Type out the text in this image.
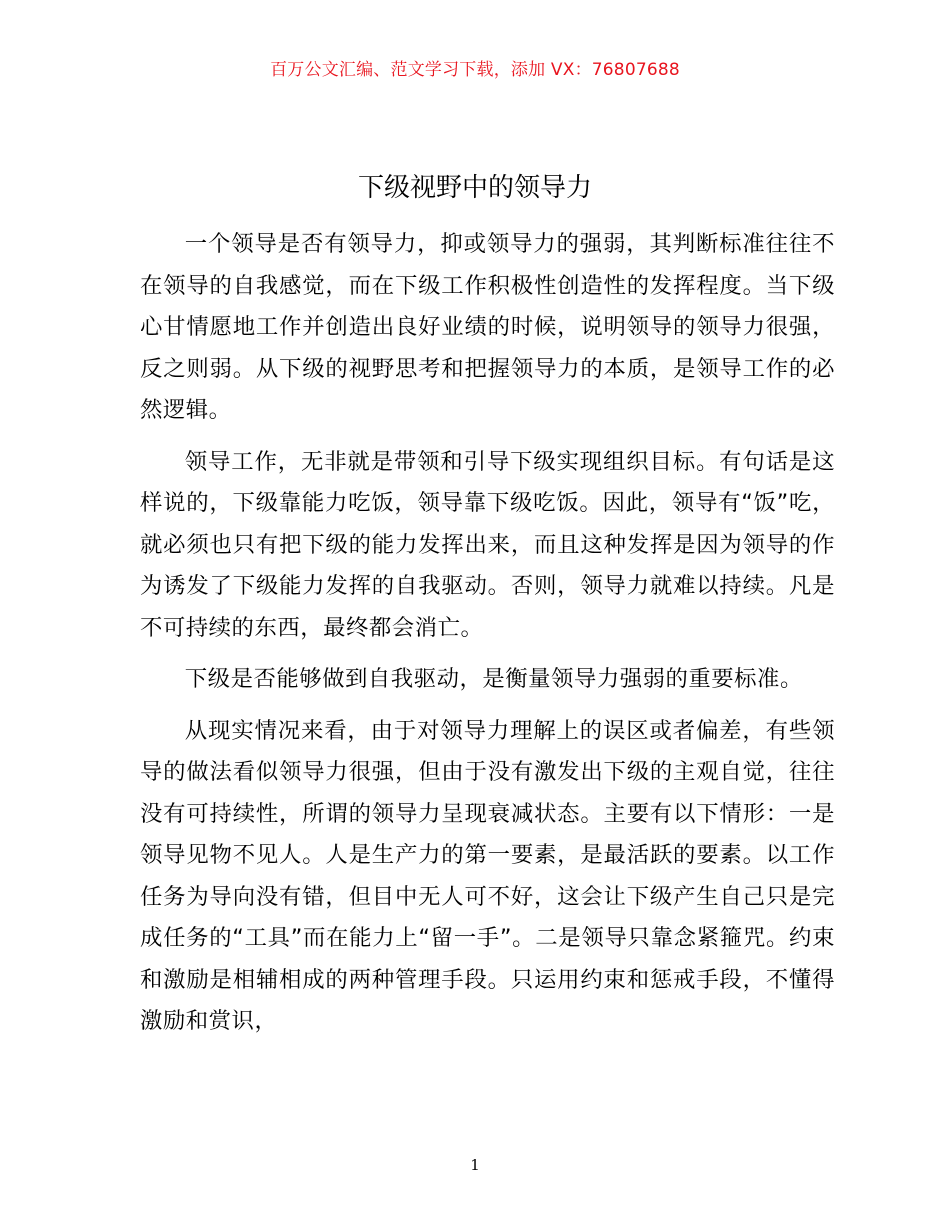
百万公文汇编、范文学习下载，添加 VX：76807688
下级视野中的领导力

一个领导是否有领导力，抑或领导力的强弱，其判断标准往往不在领导的自我感觉，而在下级工作积极性创造性的发挥程度。当下级心甘情愿地工作并创造出良好业绩的时候，说明领导的领导力很强，反之则弱。从下级的视野思考和把握领导力的本质，是领导工作的必然逻辑。

领导工作，无非就是带领和引导下级实现组织目标。有句话是这样说的，下级靠能力吃饭，领导靠下级吃饭。因此，领导有“饭”吃，就必须也只有把下级的能力发挥出来，而且这种发挥是因为领导的作为诱发了下级能力发挥的自我驱动。否则，领导力就难以持续。凡是不可持续的东西，最终都会消亡。

下级是否能够做到自我驱动，是衡量领导力强弱的重要标准。

从现实情况来看，由于对领导力理解上的误区或者偏差，有些领导的做法看似领导力很强，但由于没有激发出下级的主观自觉，往往没有可持续性，所谓的领导力呈现衰减状态。主要有以下情形：一是领导见物不见人。人是生产力的第一要素，是最活跃的要素。以工作任务为导向没有错，但目中无人可不好，这会让下级产生自己只是完成任务的“工具”而在能力上“留一手”。二是领导只靠念紧箍咒。约束和激励是相辅相成的两种管理手段。只运用约束和惩戒手段，不懂得激励和赏识，

1
